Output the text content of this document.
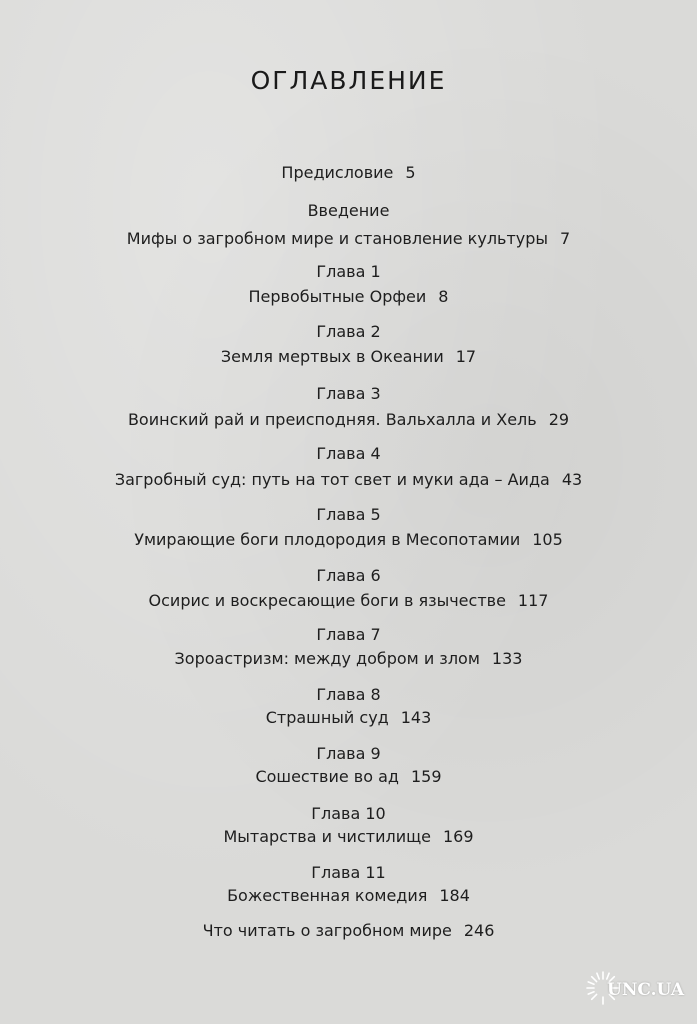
ОГЛАВЛЕНИЕ
Предисловие 5
Введение
Мифы о загробном мире и становление культуры 7
Глава 1
Первобытные Орфеи 8
Глава 2
Земля мертвых в Океании 17
Глава 3
Воинский рай и преисподняя. Вальхалла и Хель 29
Глава 4
Загробный суд: путь на тот свет и муки ада – Аида 43
Глава 5
Умирающие боги плодородия в Месопотамии 105
Глава 6
Осирис и воскресающие боги в язычестве 117
Глава 7
Зороастризм: между добром и злом 133
Глава 8
Страшный суд 143
Глава 9
Сошествие во ад 159
Глава 10
Мытарства и чистилище 169
Глава 11
Божественная комедия 184
Что читать о загробном мире 246
UNC.UA
